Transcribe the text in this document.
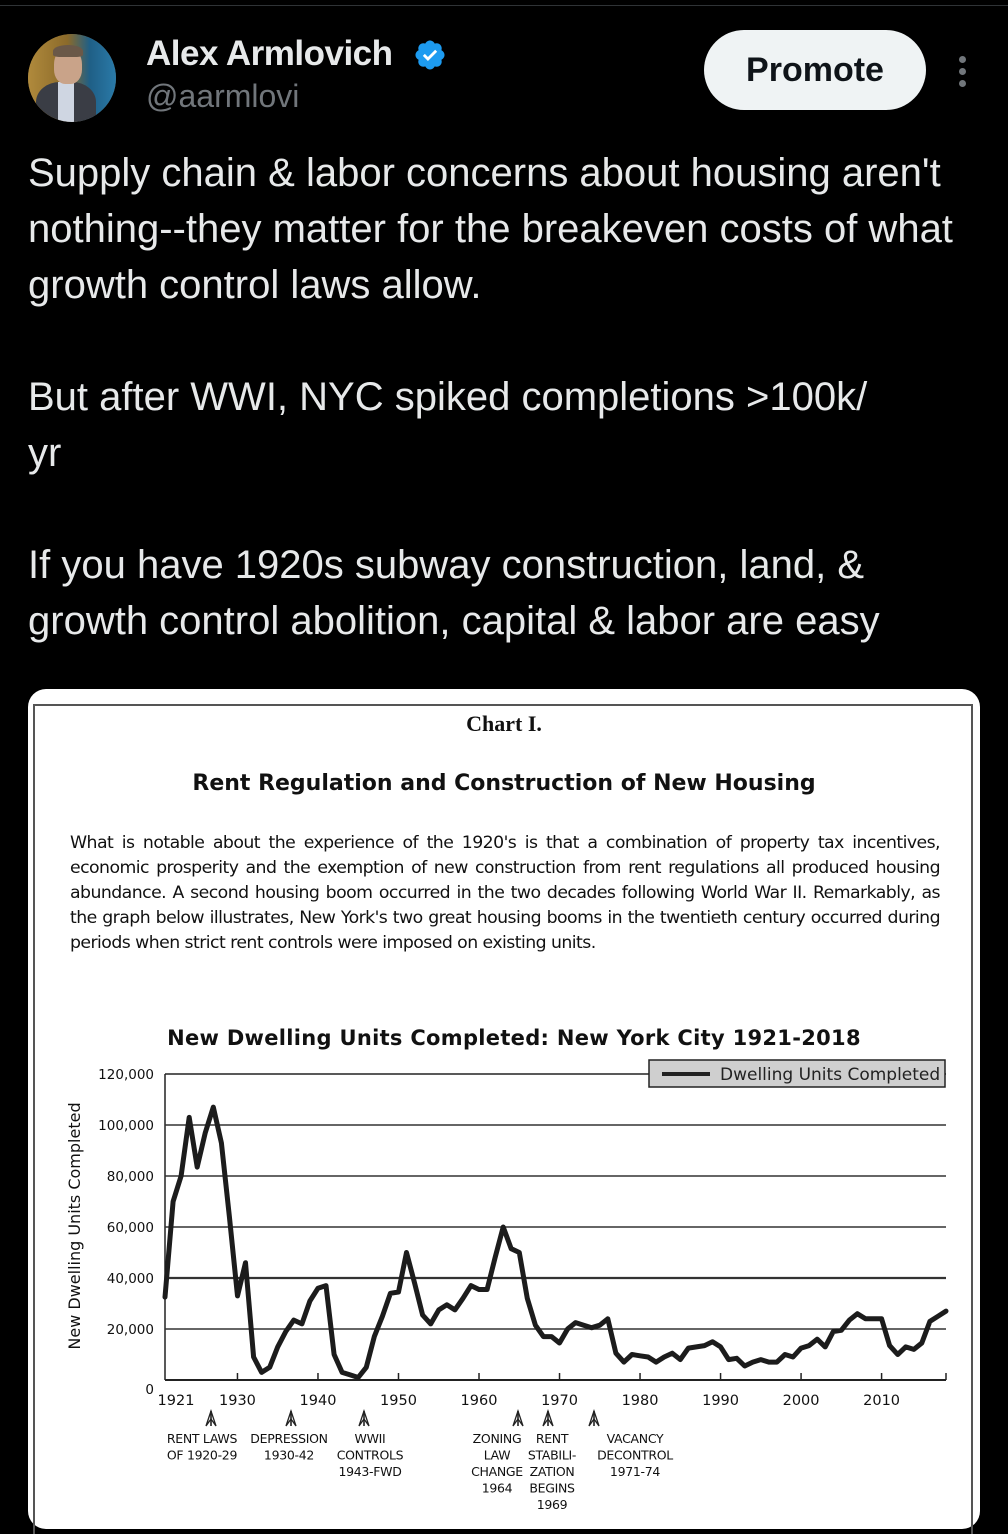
Alex Armlovich
@aarmlovi
Promote
Supply chain & labor concerns about housing aren't nothing--they matter for the breakeven costs of what growth control laws allow.

But after WWI, NYC spiked completions >100k/
yr

If you have 1920s subway construction, land, &
growth control abolition, capital & labor are easy
Chart I.
Rent Regulation and Construction of New Housing
What is notable about the experience of the 1920's is that a combination of property tax incentives, economic prosperity and the exemption of new construction from rent regulations all produced housing abundance. A second housing boom occurred in the two decades following World War II. Remarkably, as the graph below illustrates, New York's two great housing booms in the twentieth century occurred during periods when strict rent controls were imposed on existing units.
New Dwelling Units Completed: New York City 1921-2018
New Dwelling Units Completed
0
20,000
40,000
60,000
80,000
100,000
120,000
1921 1930	1940	1950	1960	1970	1980	1990	2000	2010
RENT LAWS
OF 1920-29
DEPRESSION
1930-42
WWII
CONTROLS
1943-FWD
ZONING
LAW
CHANGE
1964
RENT
STABILI-
ZATION
BEGINS
1969
VACANCY
DECONTROL
1971-74
Dwelling Units Completed
